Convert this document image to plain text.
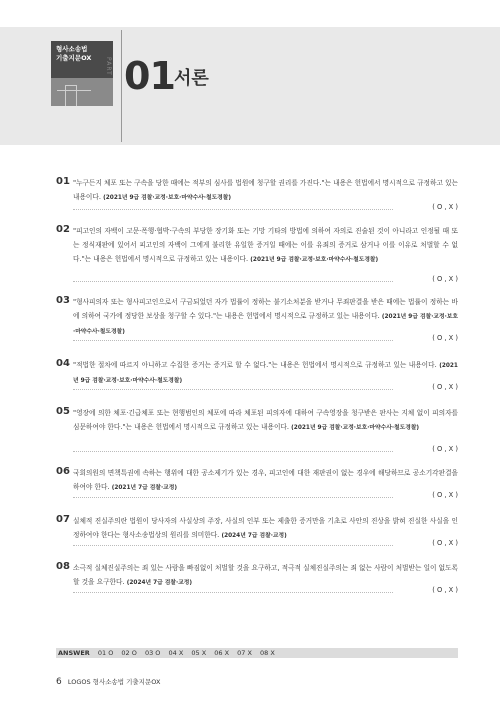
형사소송법
기출지문OX	PART 01 서론
01 "누구든지 체포 또는 구속을 당한 때에는 적부의 심사를 법원에 청구할 권리를 가진다."는 내용은 헌법에서 명시적으로 규정하고 있는 내용이다. (2021년 9급 검찰·교정·보호·마약수사·철도경찰)
( O , X )
02 "피고인의 자백이 고문·폭행·협박·구속의 부당한 장기화 또는 기망 기타의 방법에 의하여 자의로 진술된 것이 아니라고 인정될 때 또는 정식재판에 있어서 피고인의 자백이 그에게 불리한 유일한 증거일 때에는 이를 유죄의 증거로 삼거나 이를 이유로 처벌할 수 없다."는 내용은 헌법에서 명시적으로 규정하고 있는 내용이다. (2021년 9급 검찰·교정·보호·마약수사·철도경찰)
( O , X )
03 "형사피의자 또는 형사피고인으로서 구금되었던 자가 법률이 정하는 불기소처분을 받거나 무죄판결을 받은 때에는 법률이 정하는 바에 의하여 국가에 정당한 보상을 청구할 수 있다."는 내용은 헌법에서 명시적으로 규정하고 있는 내용이다. (2021년 9급 검찰·교정·보호·마약수사·철도경찰)
( O , X )
04 "적법한 절차에 따르지 아니하고 수집한 증거는 증거로 할 수 없다."는 내용은 헌법에서 명시적으로 규정하고 있는 내용이다. (2021년 9급 검찰·교정·보호·마약수사·철도경찰)
( O , X )
05 "영장에 의한 체포·긴급체포 또는 현행범인의 체포에 따라 체포된 피의자에 대하여 구속영장을 청구받은 판사는 지체 없이 피의자를 심문하여야 한다."는 내용은 헌법에서 명시적으로 규정하고 있는 내용이다. (2021년 9급 검찰·교정·보호·마약수사·철도경찰)
( O , X )
06 국회의원의 면책특권에 속하는 행위에 대한 공소제기가 있는 경우, 피고인에 대한 재판권이 없는 경우에 해당하므로 공소기각판결을 하여야 한다. (2021년 7급 검찰·교정)
( O , X )
07 실체적 진실주의란 법원이 당사자의 사실상의 주장, 사실의 인부 또는 제출한 증거만을 기초로 사안의 진상을 밝혀 진실한 사실을 인정하여야 한다는 형사소송법상의 원리를 의미한다. (2024년 7급 검찰·교정)
( O , X )
08 소극적 실체진실주의는 죄 있는 사람을 빠짐없이 처벌할 것을 요구하고, 적극적 실체진실주의는 죄 없는 사람이 처벌받는 일이 없도록 할 것을 요구한다. (2024년 7급 검찰·교정)
( O , X )
ANSWER 01 O 02 O 03 O 04 X 05 X 06 X 07 X 08 X
6 LOGOS 형사소송법 기출지문OX
